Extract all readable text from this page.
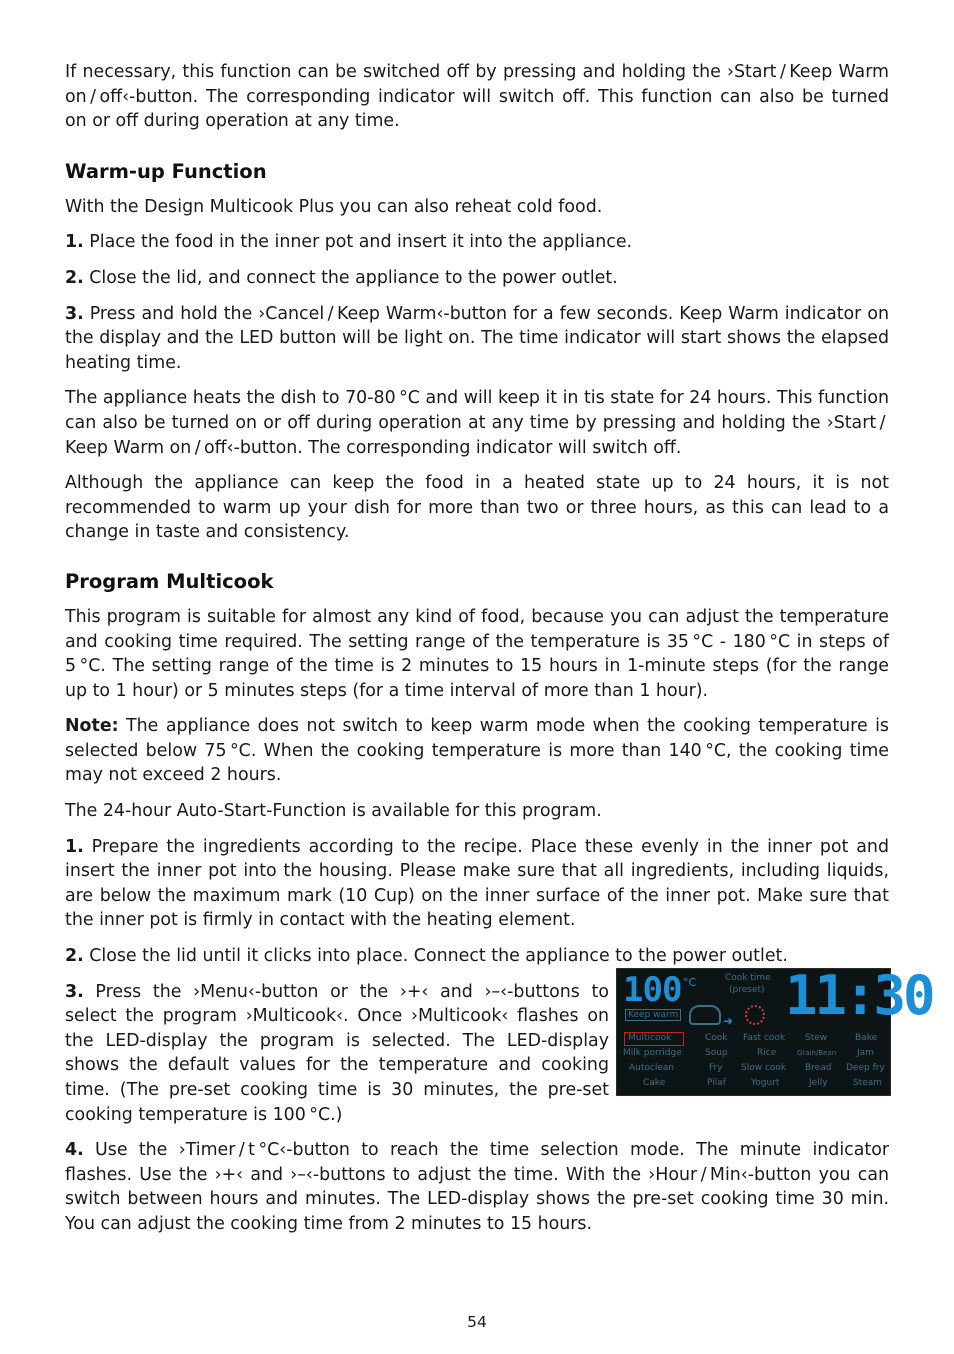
If necessary, this function can be switched off by pressing and holding the ›Start / Keep Warm on / off‹-button. The corresponding indicator will switch off. This function can also be turned on or off during operation at any time.

Warm-up Function

With the Design Multicook Plus you can also reheat cold food.

1. Place the food in the inner pot and insert it into the appliance.

2. Close the lid, and connect the appliance to the power outlet.

3. Press and hold the ›Cancel / Keep Warm‹-button for a few seconds. Keep Warm indicator on the display and the LED button will be light on. The time indicator will start shows the elapsed heating time.

The appliance heats the dish to 70-80 °C and will keep it in tis state for 24 hours. This function can also be turned on or off during operation at any time by pressing and holding the ›Start / Keep Warm on / off‹-button. The corresponding indicator will switch off.

Although the appliance can keep the food in a heated state up to 24 hours, it is not recommended to warm up your dish for more than two or three hours, as this can lead to a change in taste and consistency.

Program Multicook

This program is suitable for almost any kind of food, because you can adjust the temperature and cooking time required. The setting range of the temperature is 35 °C - 180 °C in steps of 5 °C. The setting range of the time is 2 minutes to 15 hours in 1-minute steps (for the range up to 1 hour) or 5 minutes steps (for a time interval of more than 1 hour).

Note: The appliance does not switch to keep warm mode when the cooking temperature is selected below 75 °C. When the cooking temperature is more than 140 °C, the cooking time may not exceed 2 hours.

The 24-hour Auto-Start-Function is available for this program.

1. Prepare the ingredients according to the recipe. Place these evenly in the inner pot and insert the inner pot into the housing. Please make sure that all ingredients, including liquids, are below the maximum mark (10 Cup) on the inner surface of the inner pot. Make sure that the inner pot is firmly in contact with the heating element.

2. Close the lid until it clicks into place. Connect the appliance to the power outlet.

3. Press the ›Menu‹-button or the ›+‹ and ›–‹-buttons to select the program ›Multicook‹. Once ›Multicook‹ flashes on the LED-display the program is selected. The LED-display shows the default values for the temperature and cooking time. (The pre-set cooking time is 30 minutes, the pre-set cooking temperature is 100 °C.)

100 °C
➜
Cook time
(preset)
Keep warm 11:30
Multicook	Cook Fast cook Stew	Bake
Milk porridge	Soup	Rice	Grain/Bean Jam
Autoclean	Fry Slow cook Bread Deep fry
Cake	Pilaf	Yogurt	Jelly	Steam

4. Use the ›Timer / t °C‹-button to reach the time selection mode. The minute indicator flashes. Use the ›+‹ and ›–‹-buttons to adjust the time. With the ›Hour / Min‹-button you can switch between hours and minutes. The LED-display shows the pre-set cooking time 30 min. You can adjust the cooking time from 2 minutes to 15 hours.

54
